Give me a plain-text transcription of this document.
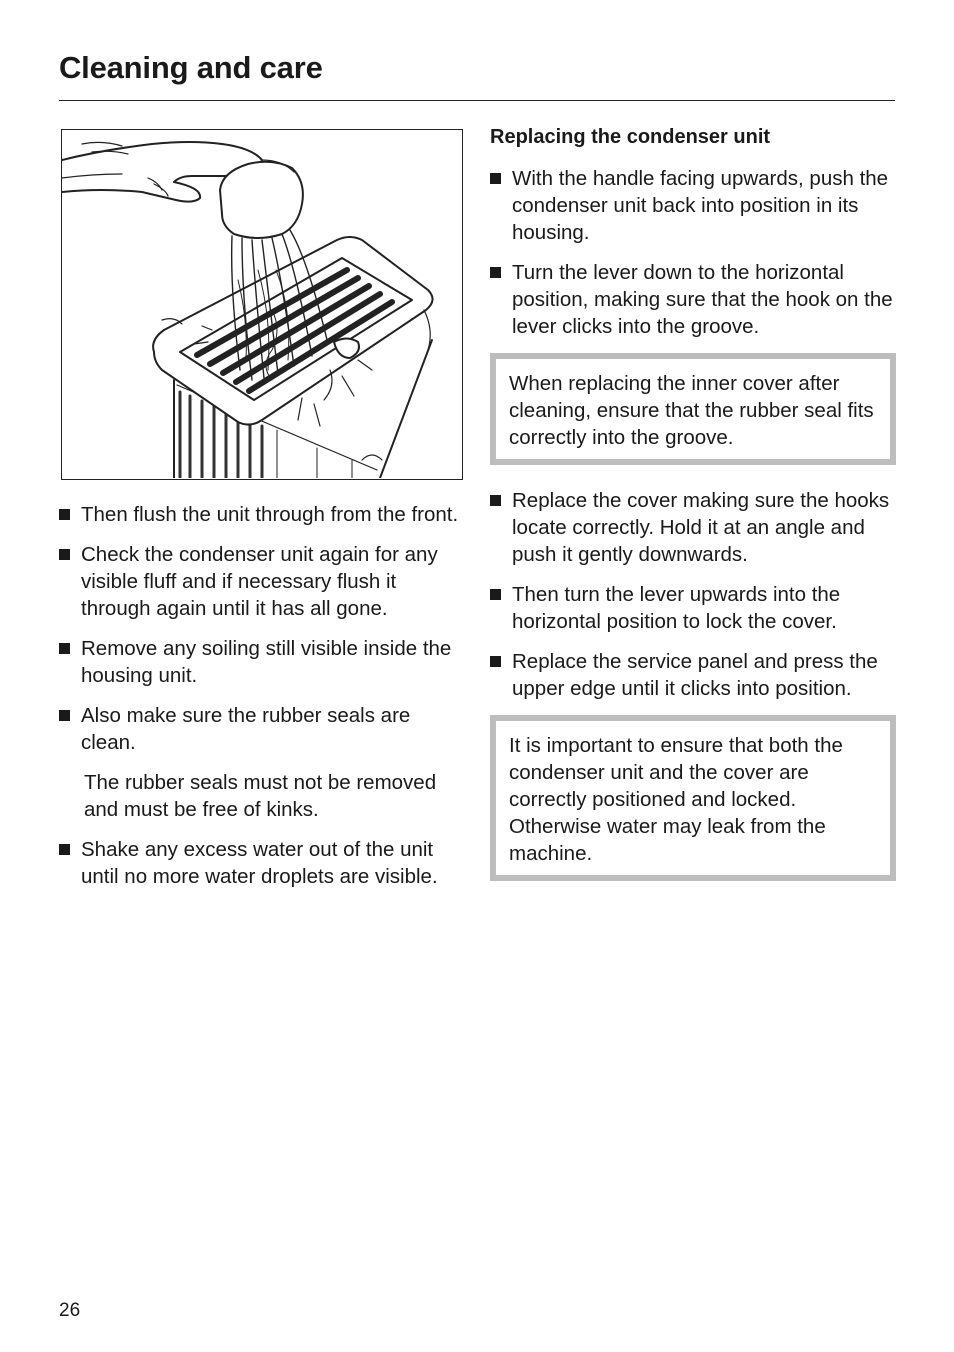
Cleaning and care
Then flush the unit through from the front.
Check the condenser unit again for any visible fluff and if necessary flush it through again until it has all gone.
Remove any soiling still visible inside the housing unit.
Also make sure the rubber seals are clean.

The rubber seals must not be removed and must be free of kinks.

Shake any excess water out of the unit until no more water droplets are visible.
Replacing the condenser unit
With the handle facing upwards, push the condenser unit back into position in its housing.
Turn the lever down to the horizontal position, making sure that the hook on the lever clicks into the groove.

When replacing the inner cover after cleaning, ensure that the rubber seal fits correctly into the groove.

Replace the cover making sure the hooks locate correctly. Hold it at an angle and push it gently downwards.
Then turn the lever upwards into the horizontal position to lock the cover.
Replace the service panel and press the upper edge until it clicks into position.

It is important to ensure that both the condenser unit and the cover are correctly positioned and locked. Otherwise water may leak from the machine.

26
